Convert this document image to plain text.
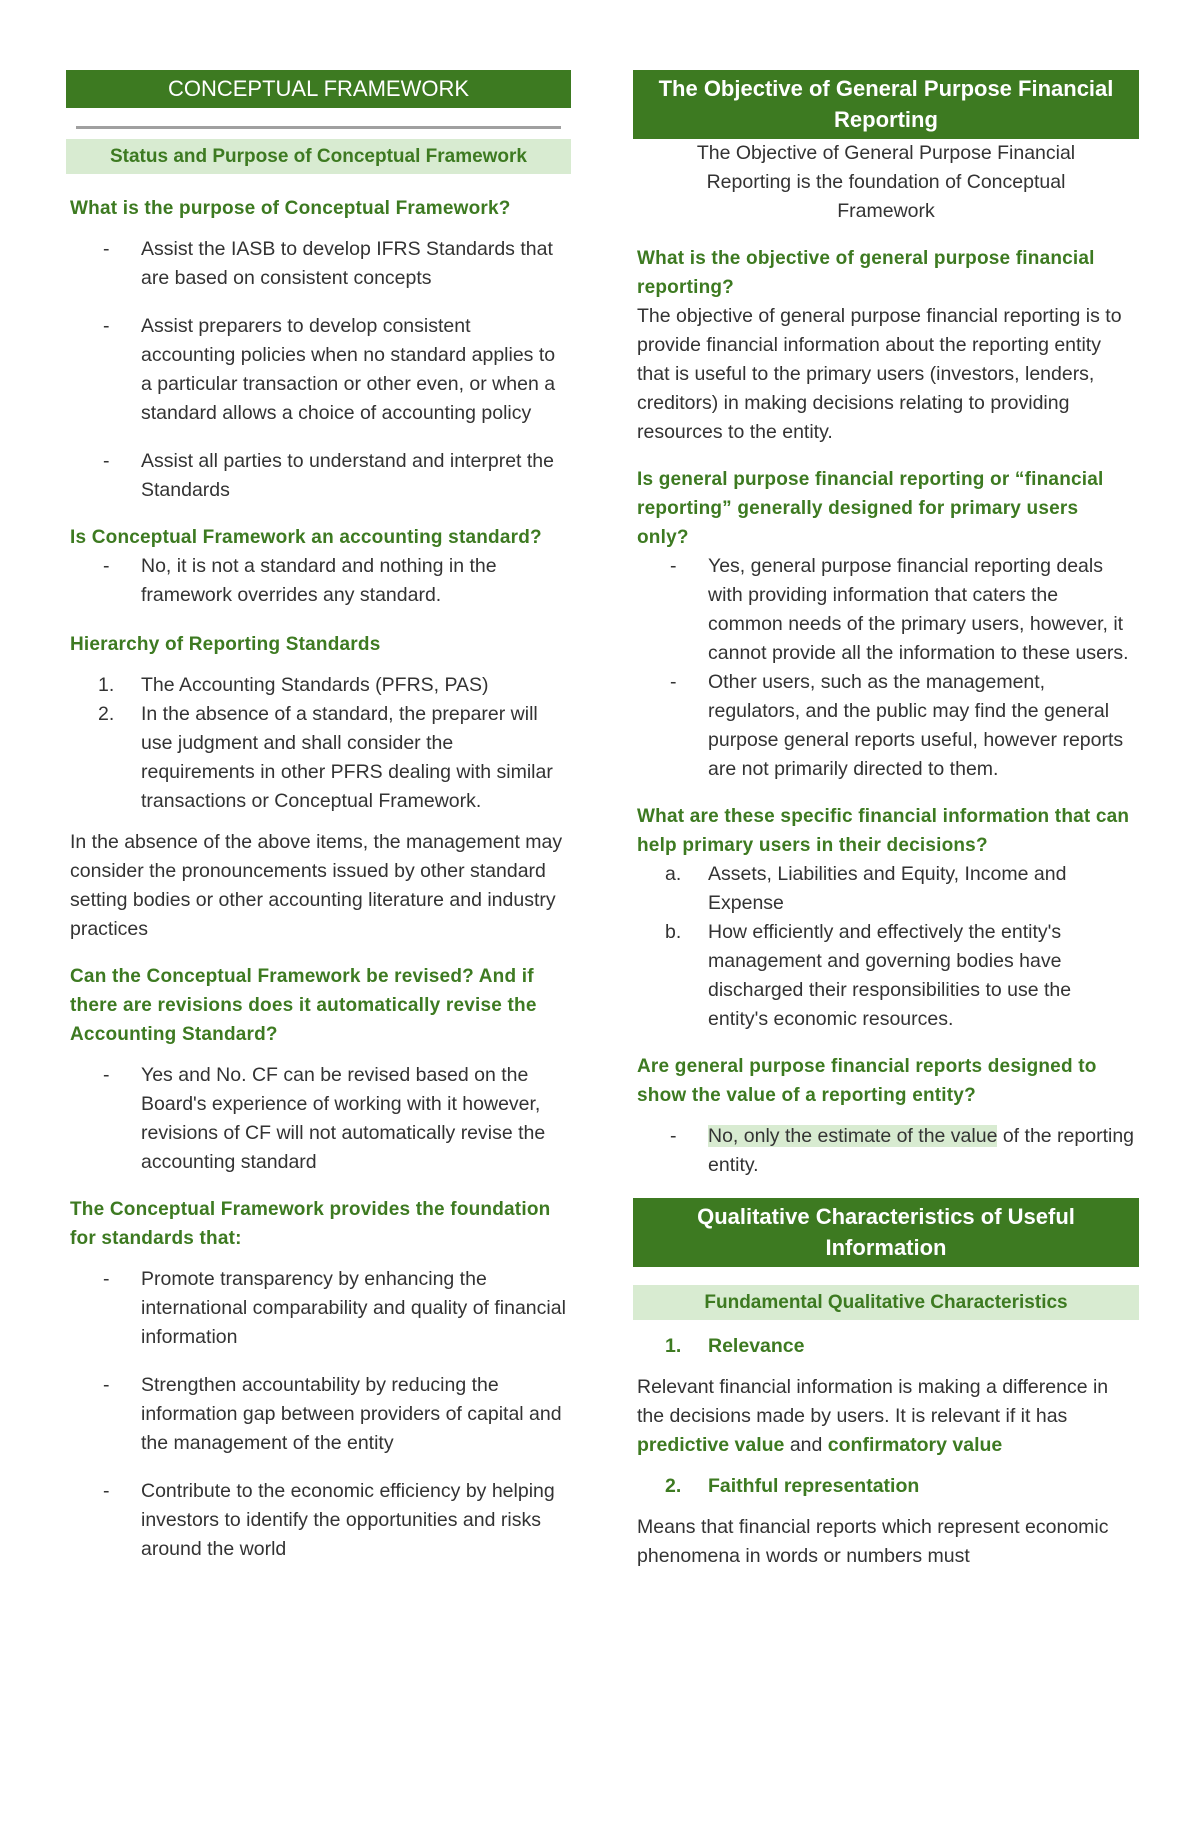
CONCEPTUAL FRAMEWORK
Status and Purpose of Conceptual Framework
What is the purpose of Conceptual Framework?
- Assist the IASB to develop IFRS Standards that are based on consistent concepts
- Assist preparers to develop consistent accounting policies when no standard applies to a particular transaction or other even, or when a standard allows a choice of accounting policy
- Assist all parties to understand and interpret the Standards
Is Conceptual Framework an accounting standard?
- No, it is not a standard and nothing in the framework overrides any standard.
Hierarchy of Reporting Standards
1. The Accounting Standards (PFRS, PAS)
2. In the absence of a standard, the preparer will use judgment and shall consider the requirements in other PFRS dealing with similar transactions or Conceptual Framework.
In the absence of the above items, the management may consider the pronouncements issued by other standard setting bodies or other accounting literature and industry practices
Can the Conceptual Framework be revised? And if there are revisions does it automatically revise the Accounting Standard?
- Yes and No. CF can be revised based on the Board's experience of working with it however, revisions of CF will not automatically revise the accounting standard
The Conceptual Framework provides the foundation for standards that:
- Promote transparency by enhancing the international comparability and quality of financial information
- Strengthen accountability by reducing the information gap between providers of capital and the management of the entity
- Contribute to the economic efficiency by helping investors to identify the opportunities and risks around the world
The Objective of General Purpose Financial Reporting
The Objective of General Purpose Financial Reporting is the foundation of Conceptual Framework
What is the objective of general purpose financial reporting?
The objective of general purpose financial reporting is to provide financial information about the reporting entity that is useful to the primary users (investors, lenders, creditors) in making decisions relating to providing resources to the entity.
Is general purpose financial reporting or “financial reporting” generally designed for primary users only?
- Yes, general purpose financial reporting deals with providing information that caters the common needs of the primary users, however, it cannot provide all the information to these users.
- Other users, such as the management, regulators, and the public may find the general purpose general reports useful, however reports are not primarily directed to them.
What are these specific financial information that can help primary users in their decisions?
a. Assets, Liabilities and Equity, Income and Expense
b. How efficiently and effectively the entity's management and governing bodies have discharged their responsibilities to use the entity's economic resources.
Are general purpose financial reports designed to show the value of a reporting entity?
- No, only the estimate of the value of the reporting entity.
Qualitative Characteristics of Useful Information
Fundamental Qualitative Characteristics
1. Relevance
Relevant financial information is making a difference in the decisions made by users. It is relevant if it has predictive value and confirmatory value
2. Faithful representation
Means that financial reports which represent economic phenomena in words or numbers must
